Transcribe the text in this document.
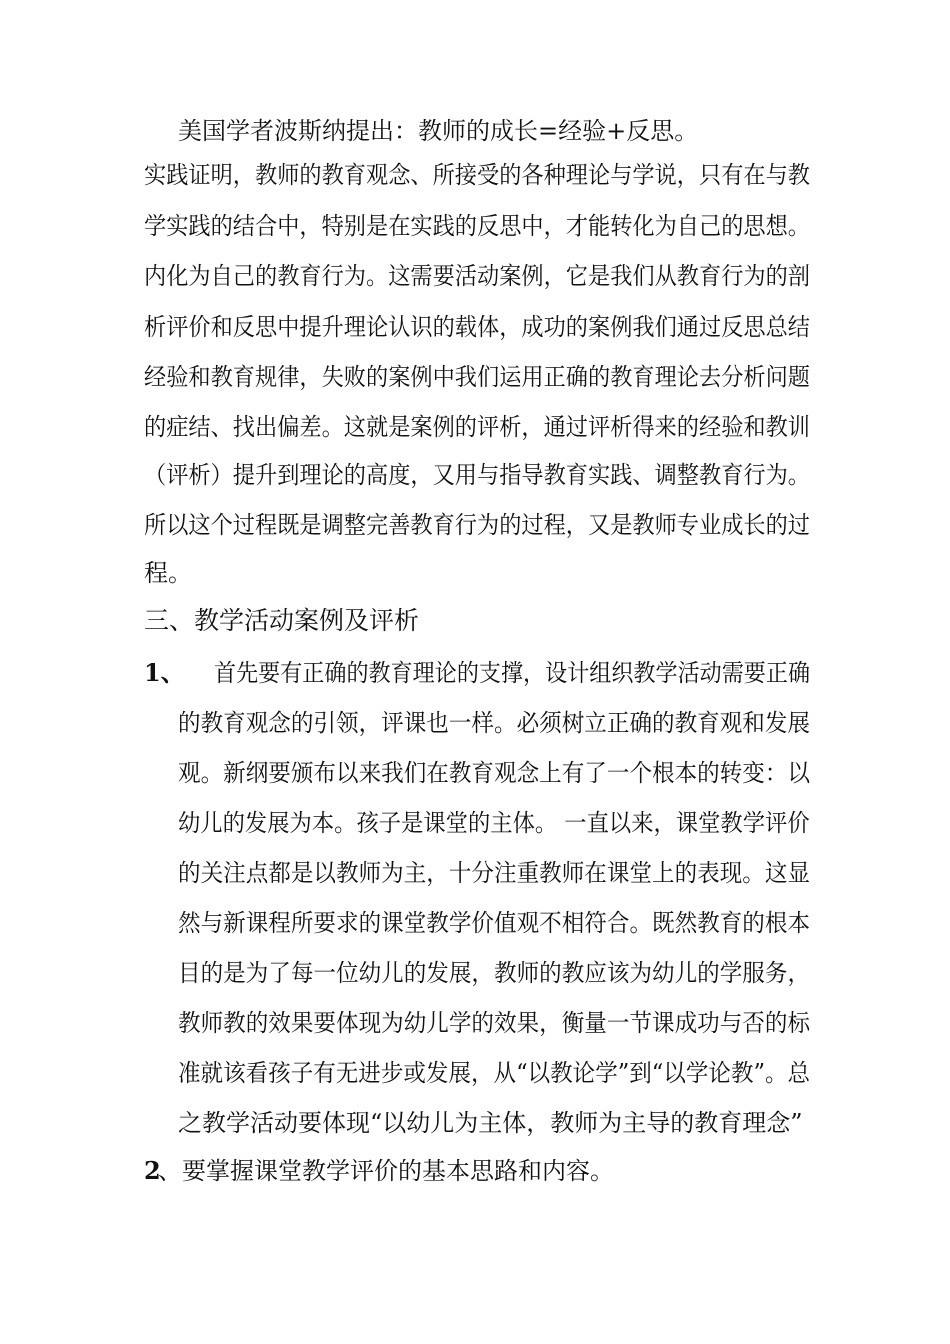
美国学者波斯纳提出：教师的成长=经验+反思。
实践证明，教师的教育观念、所接受的各种理论与学说，只有在与教
学实践的结合中，特别是在实践的反思中，才能转化为自己的思想。
内化为自己的教育行为。这需要活动案例，它是我们从教育行为的剖
析评价和反思中提升理论认识的载体，成功的案例我们通过反思总结
经验和教育规律，失败的案例中我们运用正确的教育理论去分析问题
的症结、找出偏差。这就是案例的评析，通过评析得来的经验和教训
（评析）提升到理论的高度，又用与指导教育实践、调整教育行为。
所以这个过程既是调整完善教育行为的过程，又是教师专业成长的过
程。
三、教学活动案例及评析
1、 首先要有正确的教育理论的支撑，设计组织教学活动需要正确
的教育观念的引领，评课也一样。必须树立正确的教育观和发展
观。新纲要颁布以来我们在教育观念上有了一个根本的转变：以
幼儿的发展为本。孩子是课堂的主体。 一直以来，课堂教学评价
的关注点都是以教师为主，十分注重教师在课堂上的表现。这显
然与新课程所要求的课堂教学价值观不相符合。既然教育的根本
目的是为了每一位幼儿的发展，教师的教应该为幼儿的学服务，
教师教的效果要体现为幼儿学的效果，衡量一节课成功与否的标
准就该看孩子有无进步或发展，从“以教论学”到“以学论教”。总
之教学活动要体现“以幼儿为主体，教师为主导的教育理念”
2
、要掌握课堂教学评价的基本思路和内容。
